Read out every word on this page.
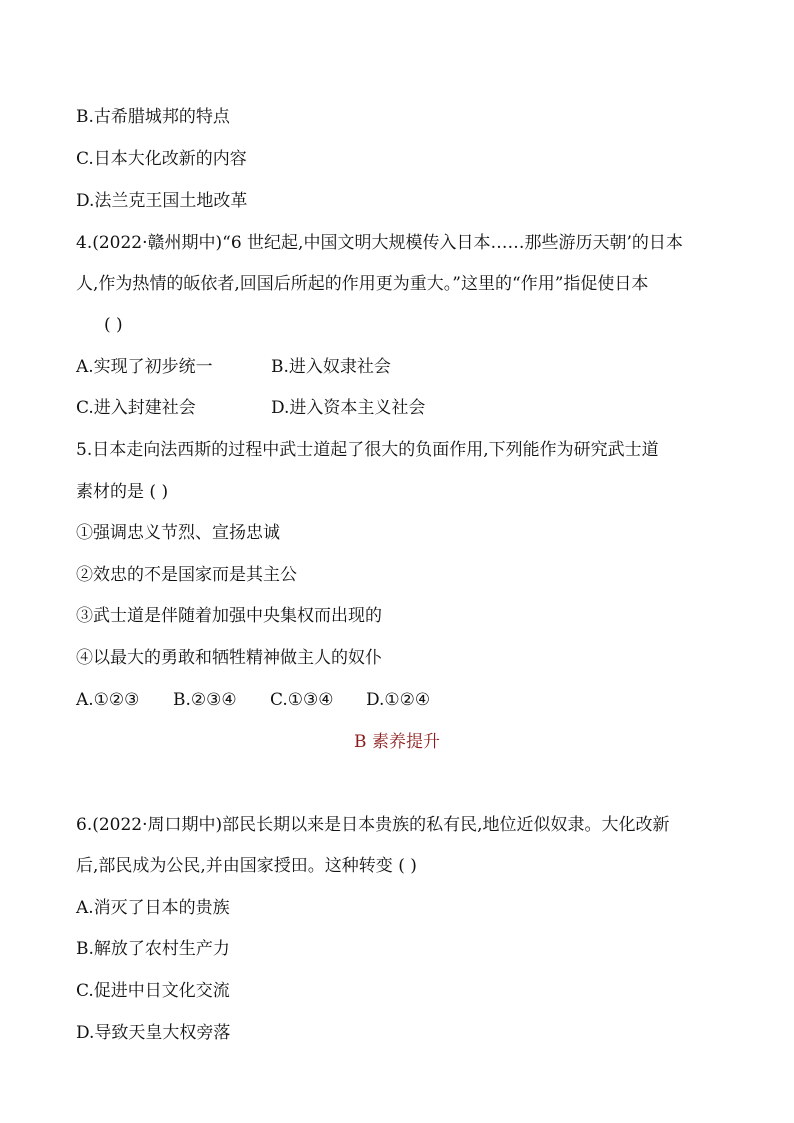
B.古希腊城邦的特点
C.日本大化改新的内容
D.法兰克王国土地改革
4.(2022·赣州期中)“6 世纪起,中国文明大规模传入日本……那些游历天朝’的日本
人,作为热情的皈依者,回国后所起的作用更为重大。”这里的“作用”指促使日本
( )
A.实现了初步统一	B.进入奴隶社会
C.进入封建社会	D.进入资本主义社会
5.日本走向法西斯的过程中武士道起了很大的负面作用,下列能作为研究武士道
素材的是 ( )
①强调忠义节烈、宣扬忠诚
②效忠的不是国家而是其主公
③武士道是伴随着加强中央集权而出现的
④以最大的勇敢和牺牲精神做主人的奴仆
A.①②③ B.②③④ C.①③④ D.①②④
B 素养提升
6.(2022·周口期中)部民长期以来是日本贵族的私有民,地位近似奴隶。大化改新
后,部民成为公民,并由国家授田。这种转变 ( )
A.消灭了日本的贵族
B.解放了农村生产力
C.促进中日文化交流
D.导致天皇大权旁落
